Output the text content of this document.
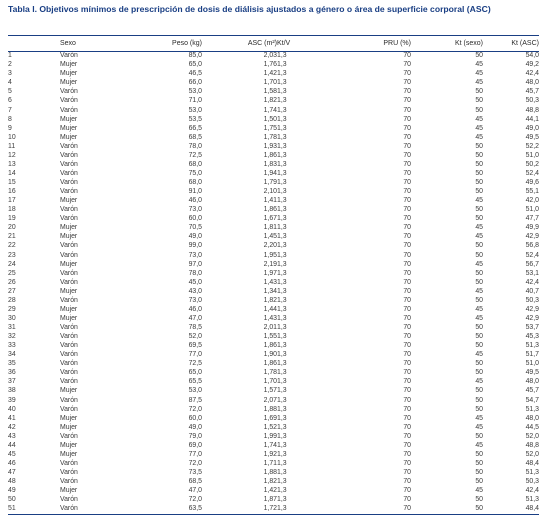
Tabla I. Objetivos mínimos de prescripción de dosis de diálisis ajustados a género o área de superficie corporal (ASC)
	Sexo	Peso (kg)	ASC (m²)	Kt/V	PRU (%)	Kt (sexo)	Kt (ASC)
1	Varón	85,0	2,03	1,3	70	50	54,0
2	Mujer	65,0	1,76	1,3	70	45	49,2
3	Mujer	46,5	1,42	1,3	70	45	42,4
4	Mujer	66,0	1,70	1,3	70	45	48,0
5	Varón	53,0	1,58	1,3	70	50	45,7
6	Varón	71,0	1,82	1,3	70	50	50,3
7	Varón	53,0	1,74	1,3	70	50	48,8
8	Mujer	53,5	1,50	1,3	70	45	44,1
9	Mujer	66,5	1,75	1,3	70	45	49,0
10	Mujer	68,5	1,78	1,3	70	45	49,5
11	Varón	78,0	1,93	1,3	70	50	52,2
12	Varón	72,5	1,86	1,3	70	50	51,0
13	Varón	68,0	1,83	1,3	70	50	50,2
14	Varón	75,0	1,94	1,3	70	50	52,4
15	Varón	68,0	1,79	1,3	70	50	49,6
16	Varón	91,0	2,10	1,3	70	50	55,1
17	Mujer	46,0	1,41	1,3	70	45	42,0
18	Varón	73,0	1,86	1,3	70	50	51,0
19	Varón	60,0	1,67	1,3	70	50	47,7
20	Mujer	70,5	1,81	1,3	70	45	49,9
21	Mujer	49,0	1,45	1,3	70	45	42,9
22	Varón	99,0	2,20	1,3	70	50	56,8
23	Varón	73,0	1,95	1,3	70	50	52,4
24	Mujer	97,0	2,19	1,3	70	45	56,7
25	Varón	78,0	1,97	1,3	70	50	53,1
26	Varón	45,0	1,43	1,3	70	50	42,4
27	Mujer	43,0	1,34	1,3	70	45	40,7
28	Varón	73,0	1,82	1,3	70	50	50,3
29	Mujer	46,0	1,44	1,3	70	45	42,9
30	Mujer	47,0	1,43	1,3	70	45	42,9
31	Varón	78,5	2,01	1,3	70	50	53,7
32	Varón	52,0	1,55	1,3	70	50	45,3
33	Varón	69,5	1,86	1,3	70	50	51,3
34	Varón	77,0	1,90	1,3	70	45	51,7
35	Varón	72,5	1,86	1,3	70	50	51,0
36	Varón	65,0	1,78	1,3	70	50	49,5
37	Varón	65,5	1,70	1,3	70	45	48,0
38	Mujer	53,0	1,57	1,3	70	50	45,7
39	Varón	87,5	2,07	1,3	70	50	54,7
40	Varón	72,0	1,88	1,3	70	50	51,3
41	Mujer	60,0	1,69	1,3	70	45	48,0
42	Mujer	49,0	1,52	1,3	70	45	44,5
43	Varón	79,0	1,99	1,3	70	50	52,0
44	Mujer	69,0	1,74	1,3	70	45	48,8
45	Mujer	77,0	1,92	1,3	70	50	52,0
46	Varón	72,0	1,71	1,3	70	50	48,4
47	Varón	73,5	1,88	1,3	70	50	51,3
48	Varón	68,5	1,82	1,3	70	50	50,3
49	Mujer	47,0	1,42	1,3	70	45	42,4
50	Varón	72,0	1,87	1,3	70	50	51,3
51	Varón	63,5	1,72	1,3	70	50	48,4
